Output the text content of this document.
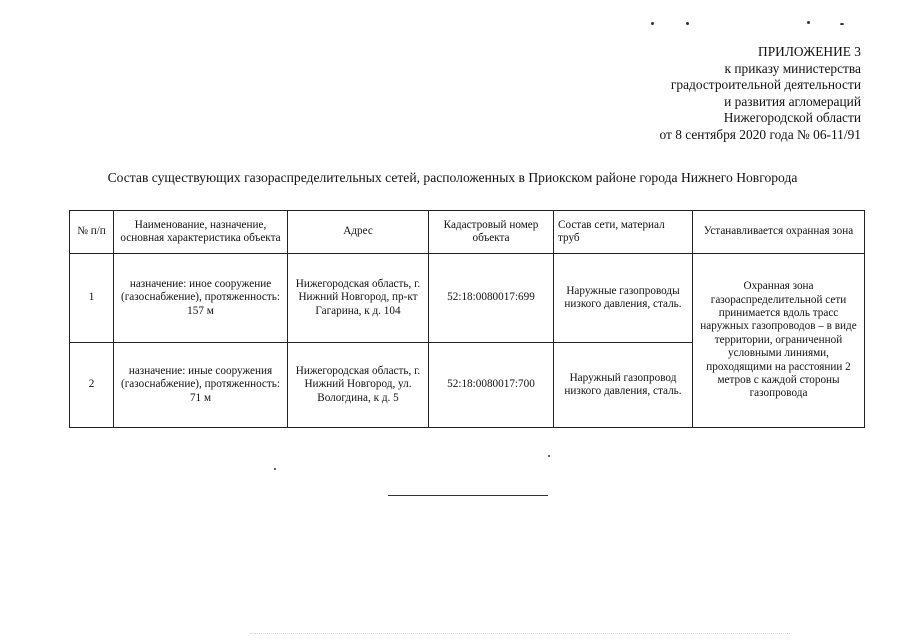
ПРИЛОЖЕНИЕ 3
к приказу министерства
градостроительной деятельности
и развития агломераций
Нижегородской области
от 8 сентября 2020 года № 06-11/91
Состав существующих газораспределительных сетей, расположенных в Приокском районе города Нижнего Новгорода
№ п/п	Наименование, назначение, основная характеристика объекта	Адрес	Кадастровый номер объекта	Состав сети, материал труб	Устанавливается охранная зона
1	назначение: иное сооружение (газоснабжение), протяженность: 157 м	Нижегородская область, г. Нижний Новгород, пр-кт Гагарина, к д. 104	52:18:0080017:699	Наружные газопроводы низкого давления, сталь.	Охранная зона газораспределительной сети принимается вдоль трасс наружных газопроводов – в виде территории, ограниченной условными линиями, проходящими на расстоянии 2 метров с каждой стороны газопровода
2	назначение: иные сооружения (газоснабжение), протяженность: 71 м	Нижегородская область, г. Нижний Новгород, ул. Вологдина, к д. 5	52:18:0080017:700	Наружный газопровод низкого давления, сталь.	
